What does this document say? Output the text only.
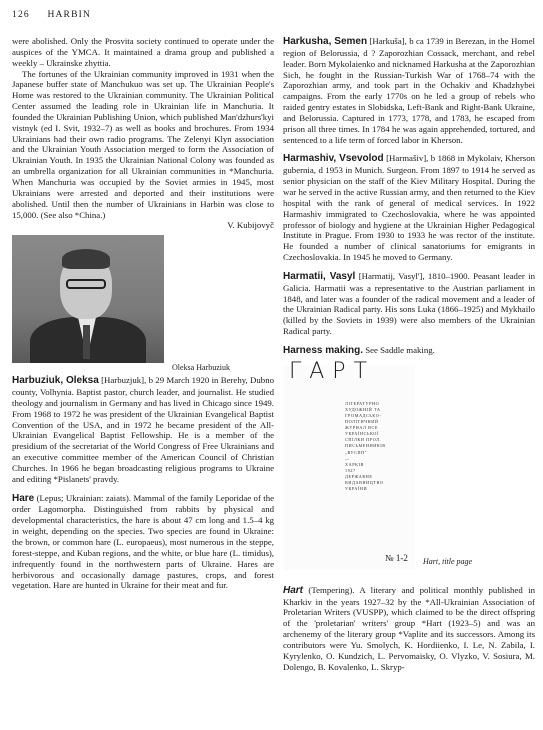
126 HARBIN

were abolished. Only the Prosvita society continued to operate under the auspices of the YMCA. It maintained a drama group and published a weekly – Ukrainske zhyttia.

The fortunes of the Ukrainian community improved in 1931 when the Japanese buffer state of Manchukuo was set up. The Ukrainian People's Home was restored to the Ukrainian community. The Ukrainian Political Center assumed the leading role in Ukrainian life in Manchuria. It founded the Ukrainian Publishing Union, which published Man'dzhurs'kyi vistnyk (ed I. Svit, 1932–7) as well as books and brochures. From 1934 Ukrainians had their own radio programs. The Zelenyi Klyn association and the Ukrainian Youth Association merged to form the Association of Ukrainian Youth. In 1935 the Ukrainian National Colony was founded as an umbrella organization for all Ukrainian communities in *Manchuria. When Manchuria was occupied by the Soviet armies in 1945, most Ukrainians were arrested and deported and their institutions were abolished. Until then the number of Ukrainians in Harbin was close to 15,000. (See also *China.)

V. Kubijovyč

Oleksa Harbuziuk

Harbuziuk, Oleksa [Harbuzjuk], b 29 March 1920 in Berehy, Dubno county, Volhynia. Baptist pastor, church leader, and journalist. He studied theology and journalism in Germany and has lived in Chicago since 1949. From 1968 to 1972 he was president of the Ukrainian Evangelical Baptist Convention of the USA, and in 1972 he became president of the All-Ukrainian Evangelical Baptist Fellowship. He is a member of the presidium of the secretariat of the World Congress of Free Ukrainians and an executive committee member of the American Council of Christian Churches. In 1966 he began broadcasting religious programs to Ukraine and editing *Pislanets' pravdy.

Hare (Lepus; Ukrainian: zaiats). Mammal of the family Leporidae of the order Lagomorpha. Distinguished from rabbits by physical and developmental characteristics, the hare is about 47 cm long and 1.5–4 kg in weight, depending on the species. Two species are found in Ukraine: the brown, or common hare (L. europaeus), most numerous in the steppe, forest-steppe, and Kuban regions, and the white, or blue hare (L. timidus), infrequently found in the northwestern parts of Ukraine. Hares are herbivorous and occasionally damage pastures, crops, and forest vegetation. Hare are hunted in Ukraine for their meat and fur.

Harkusha, Semen [Harkuša], b ca 1739 in Berezan, in the Homel region of Belorussia, d ? Zaporozhian Cossack, merchant, and rebel leader. Born Mykolaienko and nicknamed Harkusha at the Zaporozhian Sich, he fought in the Russian-Turkish War of 1768–74 with the Zaporozhian army, and took part in the Ochakiv and Khadzhybei campaigns. From the early 1770s on he led a group of rebels who raided gentry estates in Slobidska, Left-Bank and Right-Bank Ukraine, and Belorussia. Captured in 1773, 1778, and 1783, he escaped from prison all three times. In 1784 he was again apprehended, tortured, and sentenced to a life term of forced labor in Kherson.

Harmashiv, Vsevolod [Harmašiv], b 1868 in Mykolaiv, Kherson gubernia, d 1953 in Munich. Surgeon. From 1897 to 1914 he served as senior physician on the staff of the Kiev Military Hospital. During the war he served in the active Russian army, and then returned to the Kiev hospital with the rank of general of medical services. In 1922 Harmashiv immigrated to Czechoslovakia, where he was appointed professor of biology and hygiene at the Ukrainian Higher Pedagogical Institute in Prague. From 1930 to 1933 he was rector of the institute. He founded a number of clinical sanatoriums for emigrants in Czechoslovakia. In 1945 he moved to Germany.

Harmatii, Vasyl [Harmatij, Vasyl'], 1810–1900. Peasant leader in Galicia. Harmatii was a representative to the Austrian parliament in 1848, and later was a founder of the radical movement and a leader of the Ukrainian Radical party. His sons Luka (1866–1925) and Mykhailo (killed by the Soviets in 1939) were also members of the Ukrainian Radical party.

Harness making. See Saddle making.

ГАРТ
ЛІТЕРАТУРНО
ХУДОЖНІЙ ТА
ГРОМАДСЬКО-
ПОЛІТИЧНИЙ
ЖУРНАЛ ВСЕ
УКРАЇНСЬКОЇ
СПІЛКИ ПРОЛ.
ПИСЬМЕННИКІВ
„ВУСПП"
—
ХАРКІВ
1927
ДЕРЖАВНЕ
ВИДАВНИЦТВО
УКРАЇНИ
№ 1-2 Hart, title page

Hart (Tempering). A literary and political monthly published in Kharkiv in the years 1927–32 by the *All-Ukrainian Association of Proletarian Writers (VUSPP), which claimed to be the direct offspring of the 'proletarian' writers' group *Hart (1923–5) and was an archenemy of the literary group *Vaplite and its successors. Among its contributors were Yu. Smolych, K. Hordiienko, I. Le, N. Zabila, I. Kyrylenko, O. Kundzich, L. Pervomaisky, O. Vlyzko, V. Sosiura, M. Dolengo, B. Kovalenko, L. Skryp-
